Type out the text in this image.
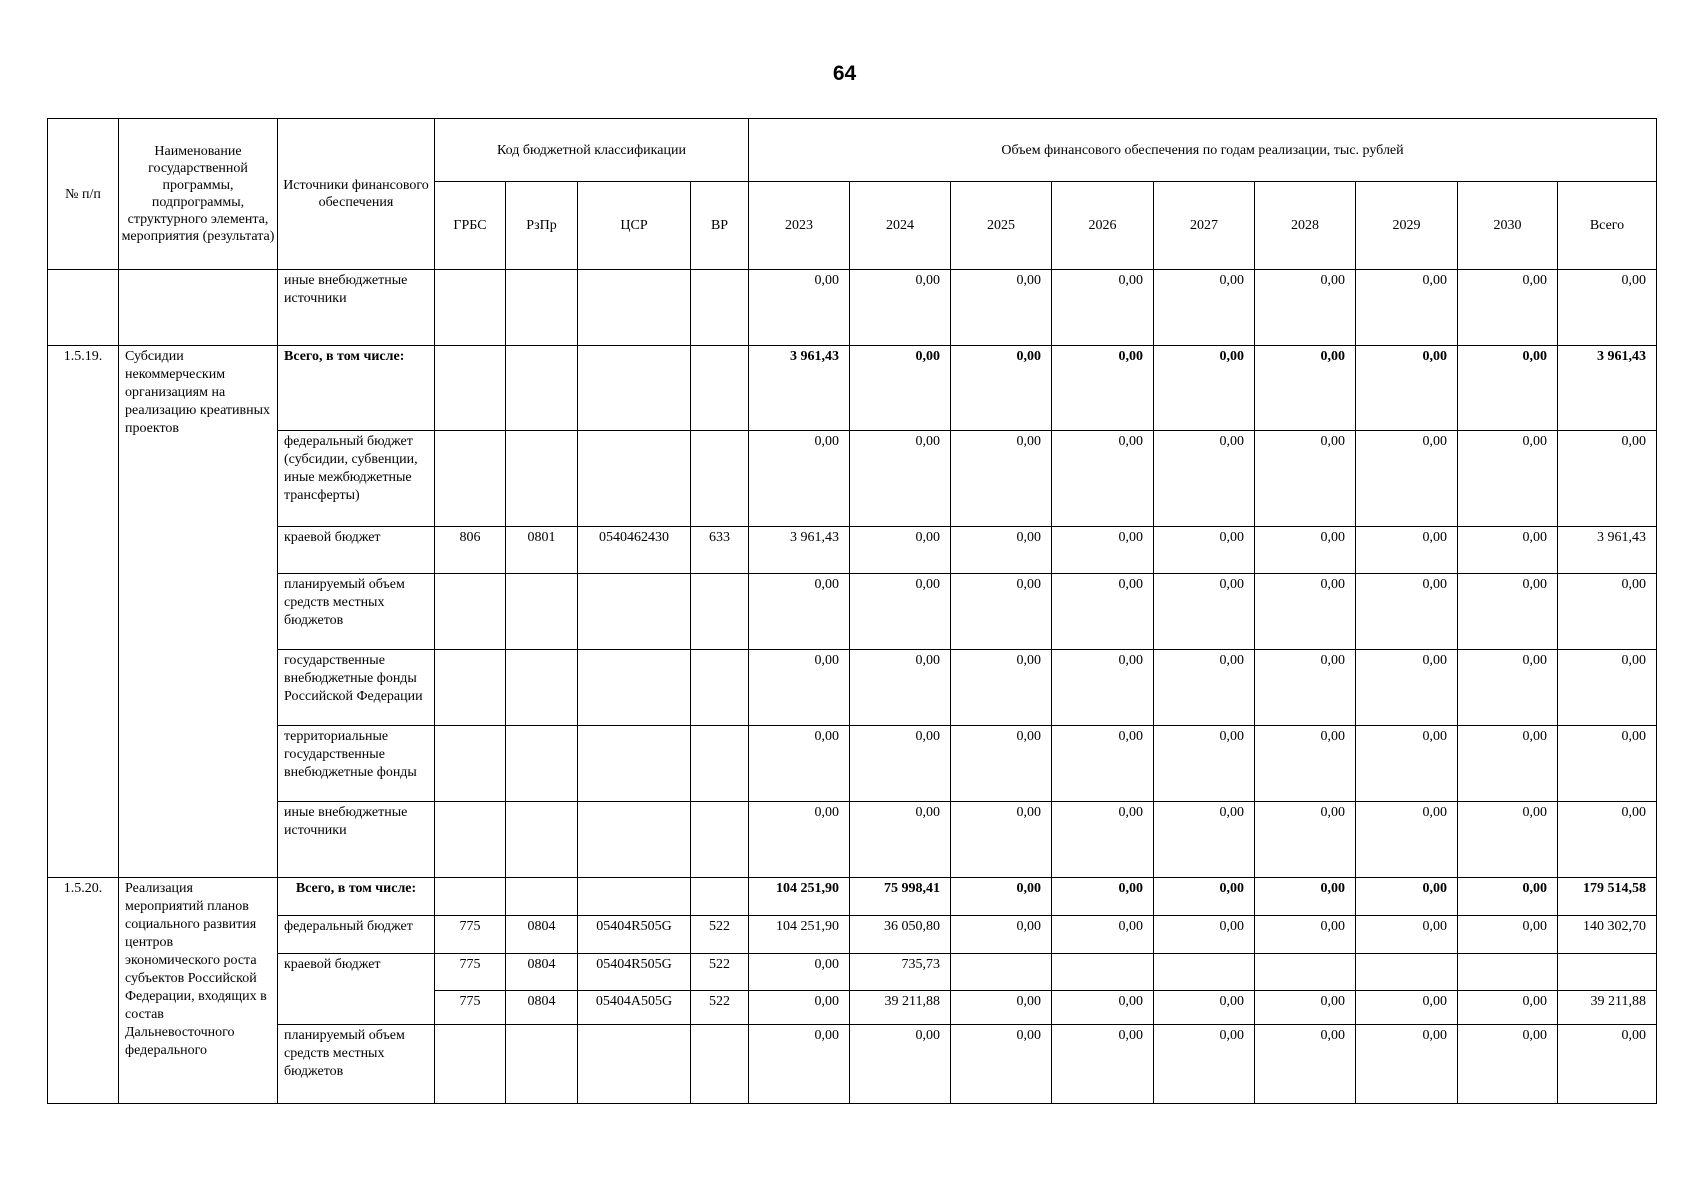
64
№ п/п	Наименование государственной программы, подпрограммы, структурного элемента, мероприятия (результата)	Источники финансового обеспечения	Код бюджетной классификации				Объем финансового обеспечения по годам реализации, тыс. рублей								
			ГРБС	РзПр	ЦСР	ВР	2023	2024	2025	2026	2027	2028	2029	2030	Всего
		иные внебюджетные источники					0,00	0,00	0,00	0,00	0,00	0,00	0,00	0,00	0,00
1.5.19.	Субсидии некоммерческим организациям на реализацию креативных проектов	Всего, в том числе:					3 961,43	0,00	0,00	0,00	0,00	0,00	0,00	0,00	3 961,43
		федеральный бюджет (субсидии, субвенции, иные межбюджетные трансферты)					0,00	0,00	0,00	0,00	0,00	0,00	0,00	0,00	0,00
		краевой бюджет	806	0801	0540462430	633	3 961,43	0,00	0,00	0,00	0,00	0,00	0,00	0,00	3 961,43
		планируемый объем средств местных бюджетов					0,00	0,00	0,00	0,00	0,00	0,00	0,00	0,00	0,00
		государственные внебюджетные фонды Российской Федерации					0,00	0,00	0,00	0,00	0,00	0,00	0,00	0,00	0,00
		территориальные государственные внебюджетные фонды					0,00	0,00	0,00	0,00	0,00	0,00	0,00	0,00	0,00
		иные внебюджетные источники					0,00	0,00	0,00	0,00	0,00	0,00	0,00	0,00	0,00
1.5.20.	Реализация мероприятий планов социального развития центров экономического роста субъектов Российской Федерации, входящих в состав Дальневосточного федерального	Всего, в том числе:					104 251,90	75 998,41	0,00	0,00	0,00	0,00	0,00	0,00	179 514,58
		федеральный бюджет	775	0804	05404R505G	522	104 251,90	36 050,80	0,00	0,00	0,00	0,00	0,00	0,00	140 302,70
		краевой бюджет	775	0804	05404R505G	522	0,00	735,73							
			775	0804	05404A505G	522	0,00	39 211,88	0,00	0,00	0,00	0,00	0,00	0,00	39 211,88
		планируемый объем средств местных бюджетов					0,00	0,00	0,00	0,00	0,00	0,00	0,00	0,00	0,00
